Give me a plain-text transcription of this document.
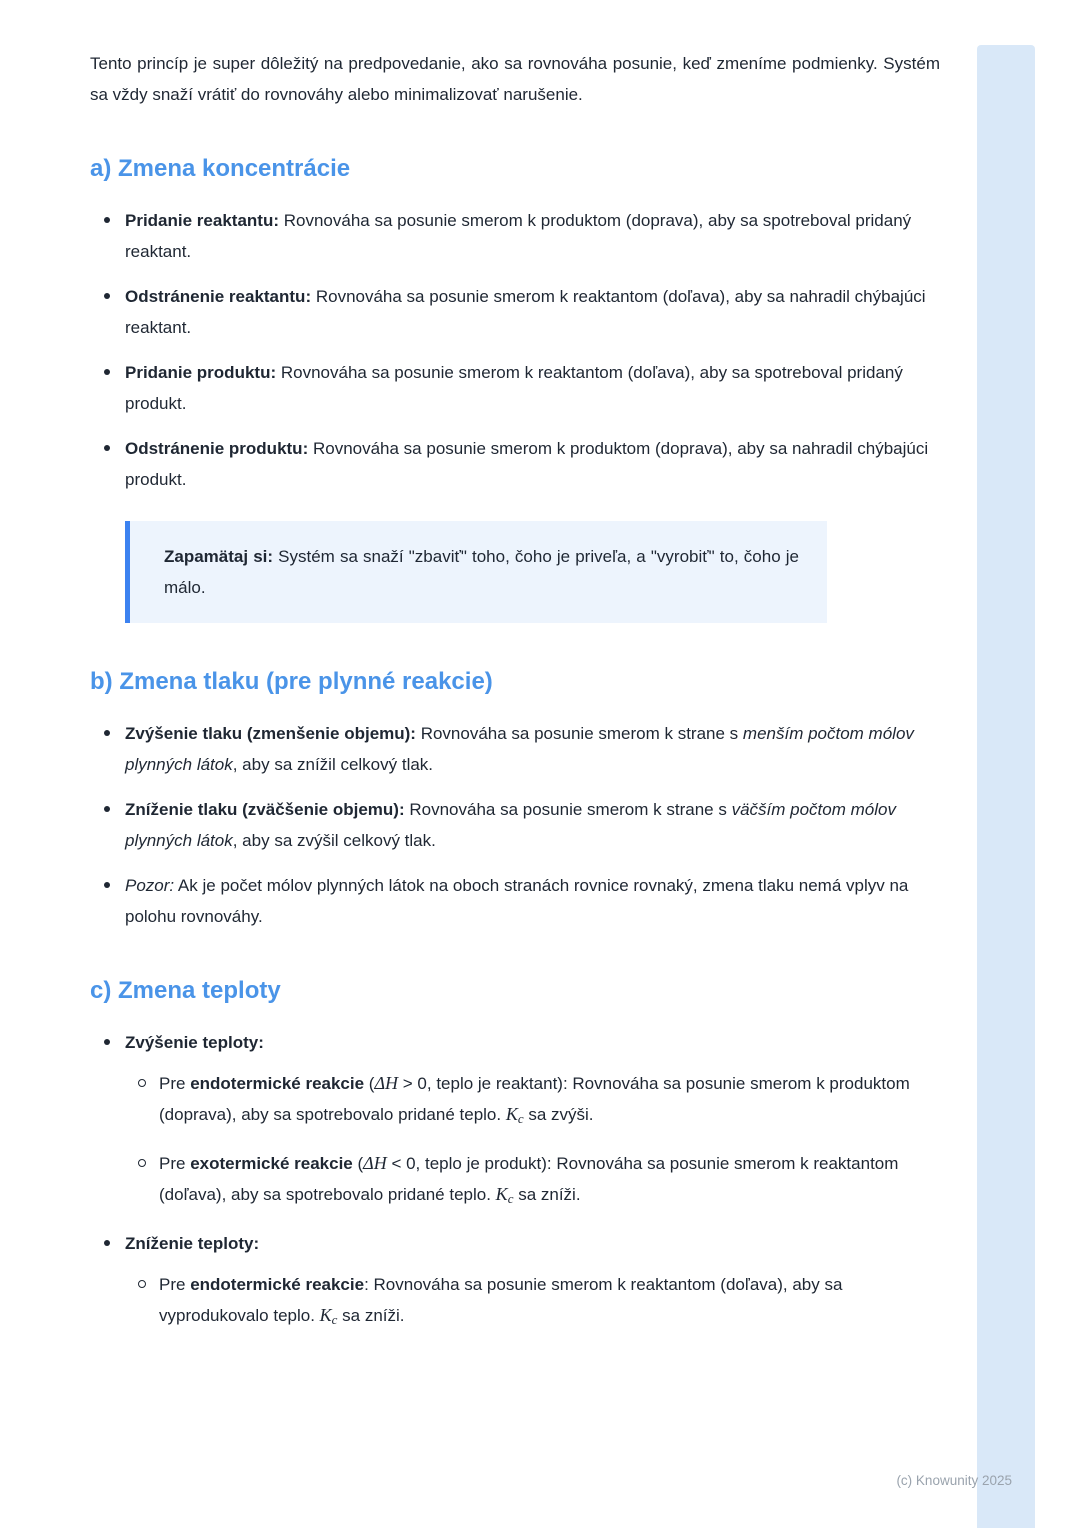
Tento princíp je super dôležitý na predpovedanie, ako sa rovnováha posunie, keď zmeníme podmienky. Systém sa vždy snaží vrátiť do rovnováhy alebo minimalizovať narušenie.

a) Zmena koncentrácie
Pridanie reaktantu: Rovnováha sa posunie smerom k produktom (doprava), aby sa spotreboval pridaný reaktant.
Odstránenie reaktantu: Rovnováha sa posunie smerom k reaktantom (doľava), aby sa nahradil chýbajúci reaktant.
Pridanie produktu: Rovnováha sa posunie smerom k reaktantom (doľava), aby sa spotreboval pridaný produkt.
Odstránenie produktu: Rovnováha sa posunie smerom k produktom (doprava), aby sa nahradil chýbajúci produkt.
Zapamätaj si: Systém sa snaží "zbaviť" toho, čoho je priveľa, a "vyrobiť" to, čoho je málo.
b) Zmena tlaku (pre plynné reakcie)
Zvýšenie tlaku (zmenšenie objemu): Rovnováha sa posunie smerom k strane s menším počtom mólov plynných látok, aby sa znížil celkový tlak.
Zníženie tlaku (zväčšenie objemu): Rovnováha sa posunie smerom k strane s väčším počtom mólov plynných látok, aby sa zvýšil celkový tlak.
Pozor: Ak je počet mólov plynných látok na oboch stranách rovnice rovnaký, zmena tlaku nemá vplyv na polohu rovnováhy.
c) Zmena teploty
Zvýšenie teploty:
Pre endotermické reakcie (ΔH > 0, teplo je reaktant): Rovnováha sa posunie smerom k produktom (doprava), aby sa spotrebovalo pridané teplo. Kc sa zvýši.
Pre exotermické reakcie (ΔH < 0, teplo je produkt): Rovnováha sa posunie smerom k reaktantom (doľava), aby sa spotrebovalo pridané teplo. Kc sa zníži.
Zníženie teploty:
Pre endotermické reakcie: Rovnováha sa posunie smerom k reaktantom (doľava), aby sa vyprodukovalo teplo. Kc sa zníži.
(c) Knowunity 2025
